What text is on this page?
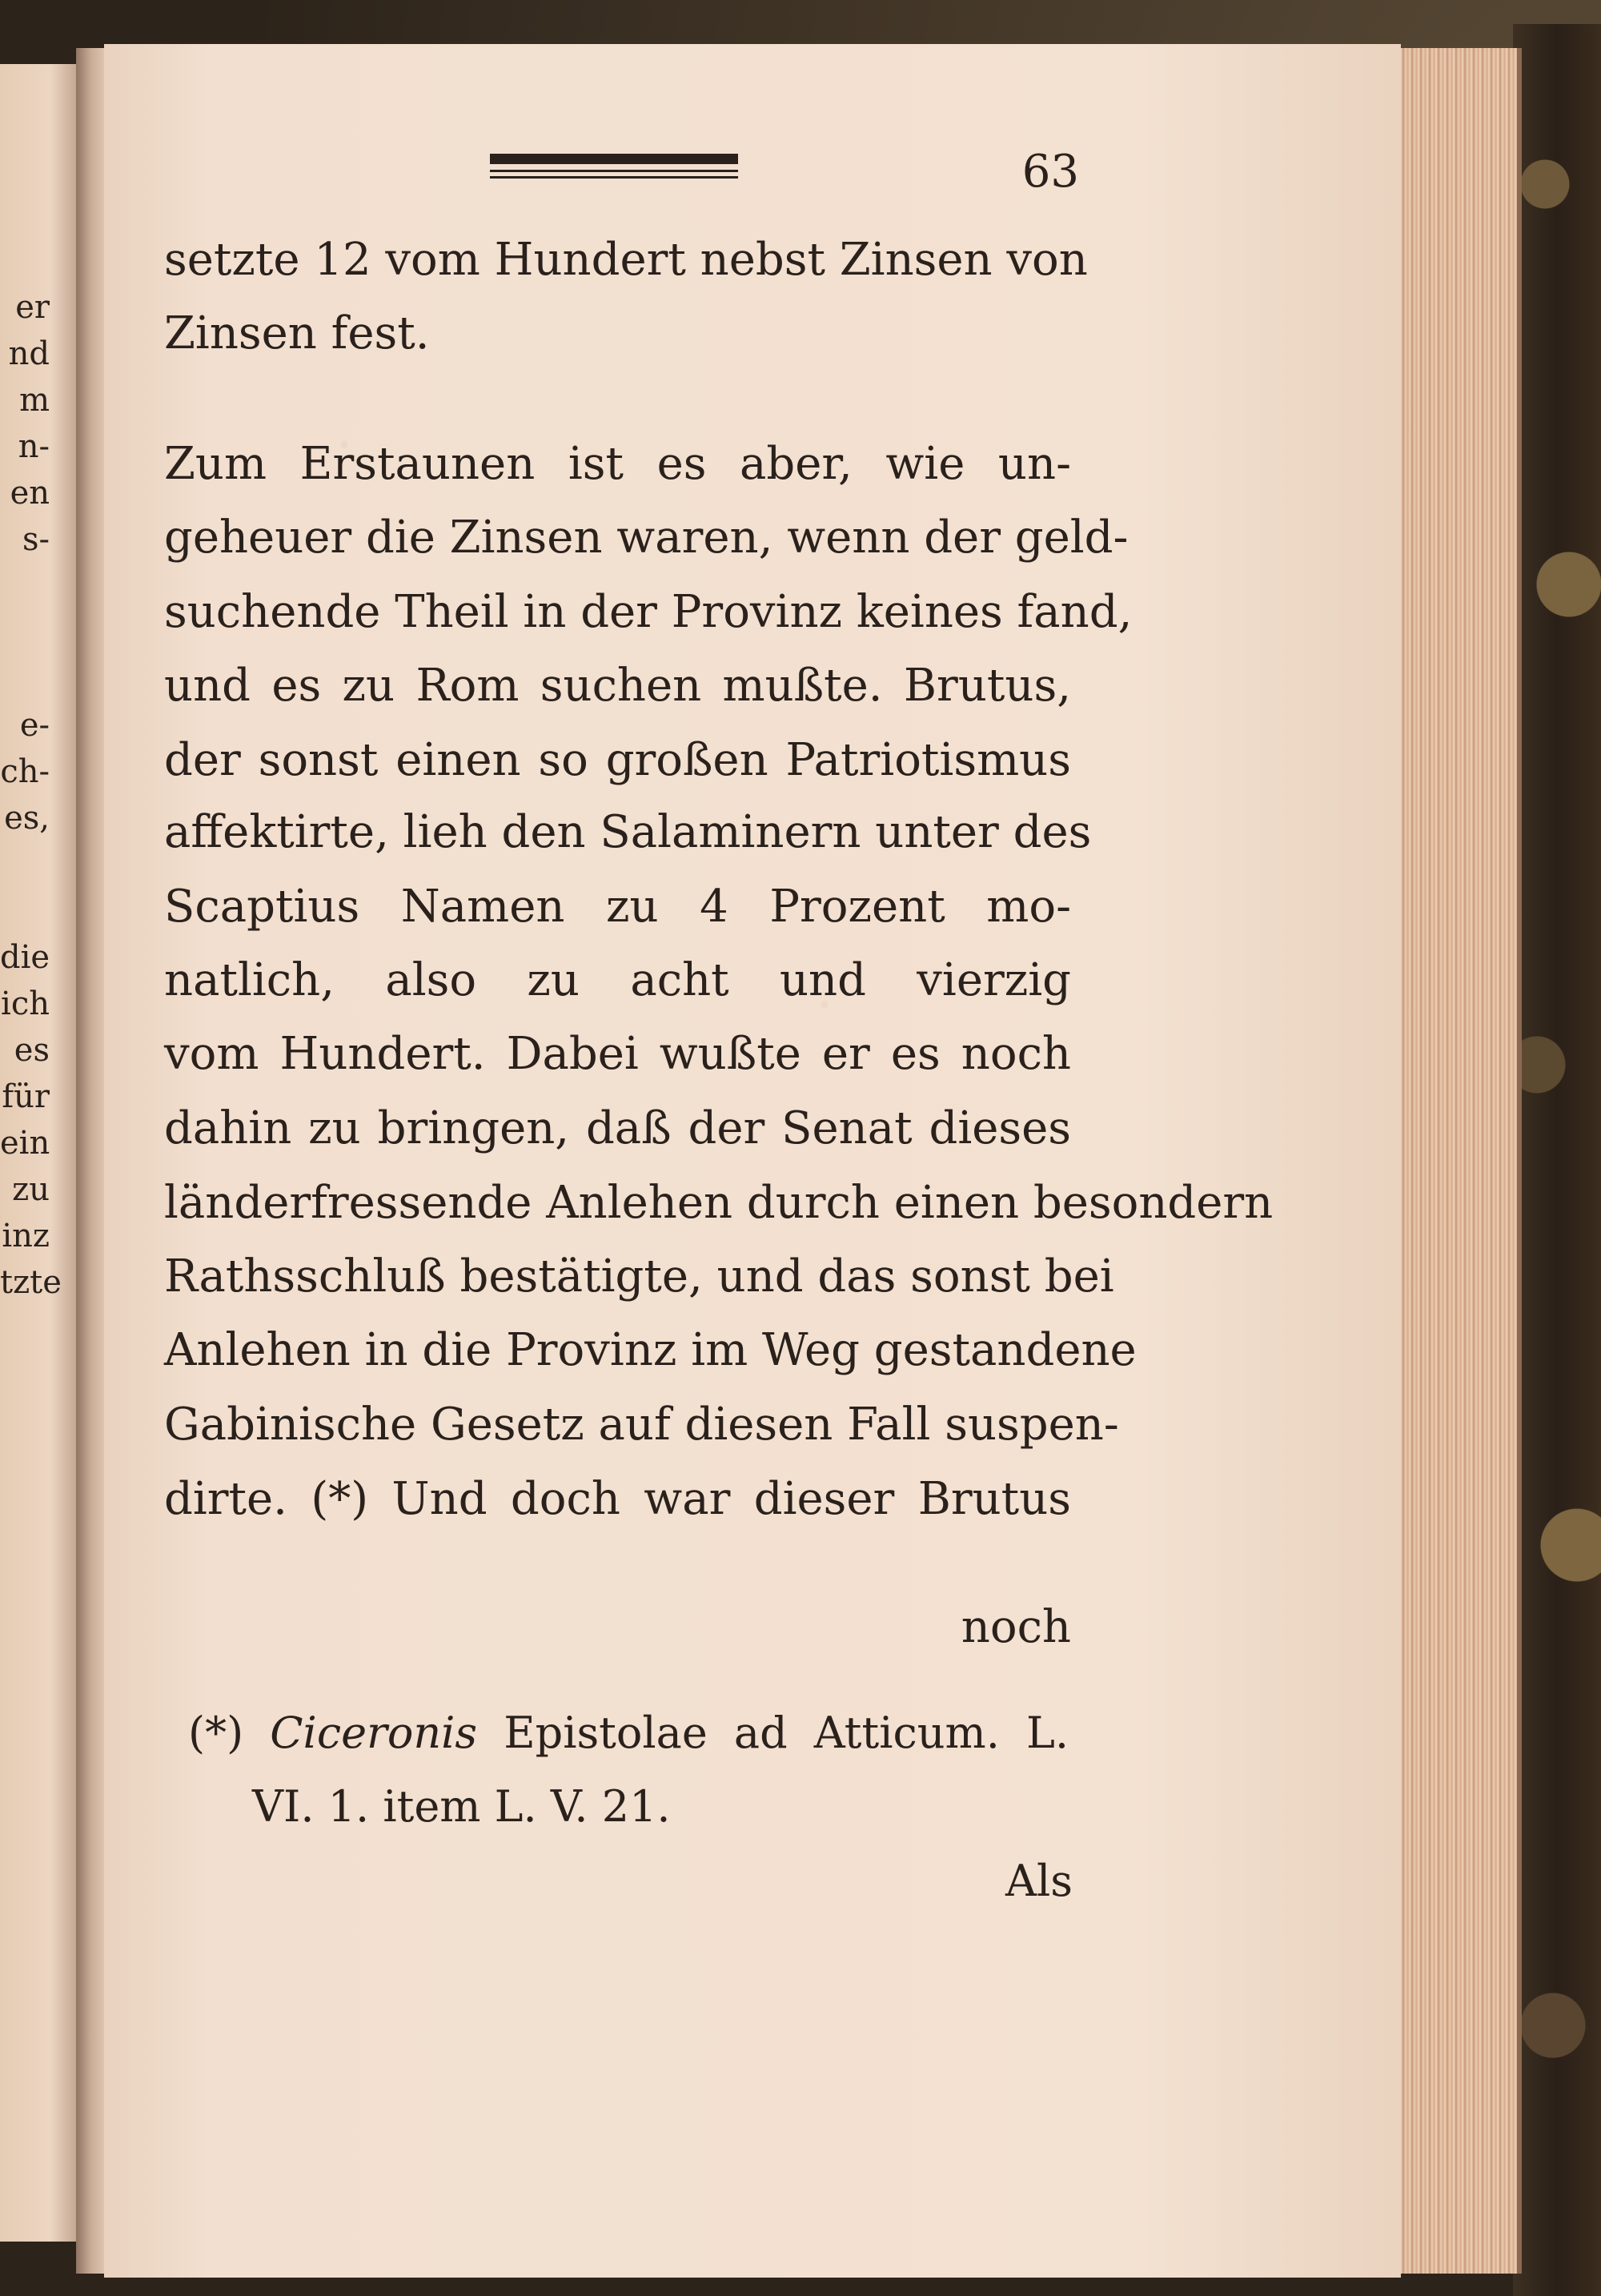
er
nd
m
n-
en
s-
e-
ch-
es,
die
ich
es
für
ein
zu
inz
tzte
63
setzte 12 vom Hundert nebst Zinsen von
Zinsen fest.
Zum Erstaunen ist es aber, wie un-
geheuer die Zinsen waren, wenn der geld-
suchende Theil in der Provinz keines fand,
und es zu Rom suchen mußte. Brutus,
der sonst einen so großen Patriotismus
affektirte, lieh den Salaminern unter des
Scaptius Namen zu 4 Prozent mo-
natlich, also zu acht und vierzig
vom Hundert. Dabei wußte er es noch
dahin zu bringen, daß der Senat dieses
länderfressende Anlehen durch einen besondern
Rathsschluß bestätigte, und das sonst bei
Anlehen in die Provinz im Weg gestandene
Gabinische Gesetz auf diesen Fall suspen-
dirte. (*) Und doch war dieser Brutus
noch
(*) Ciceronis Epistolae ad Atticum. L.
VI. 1. item L. V. 21.
Als
